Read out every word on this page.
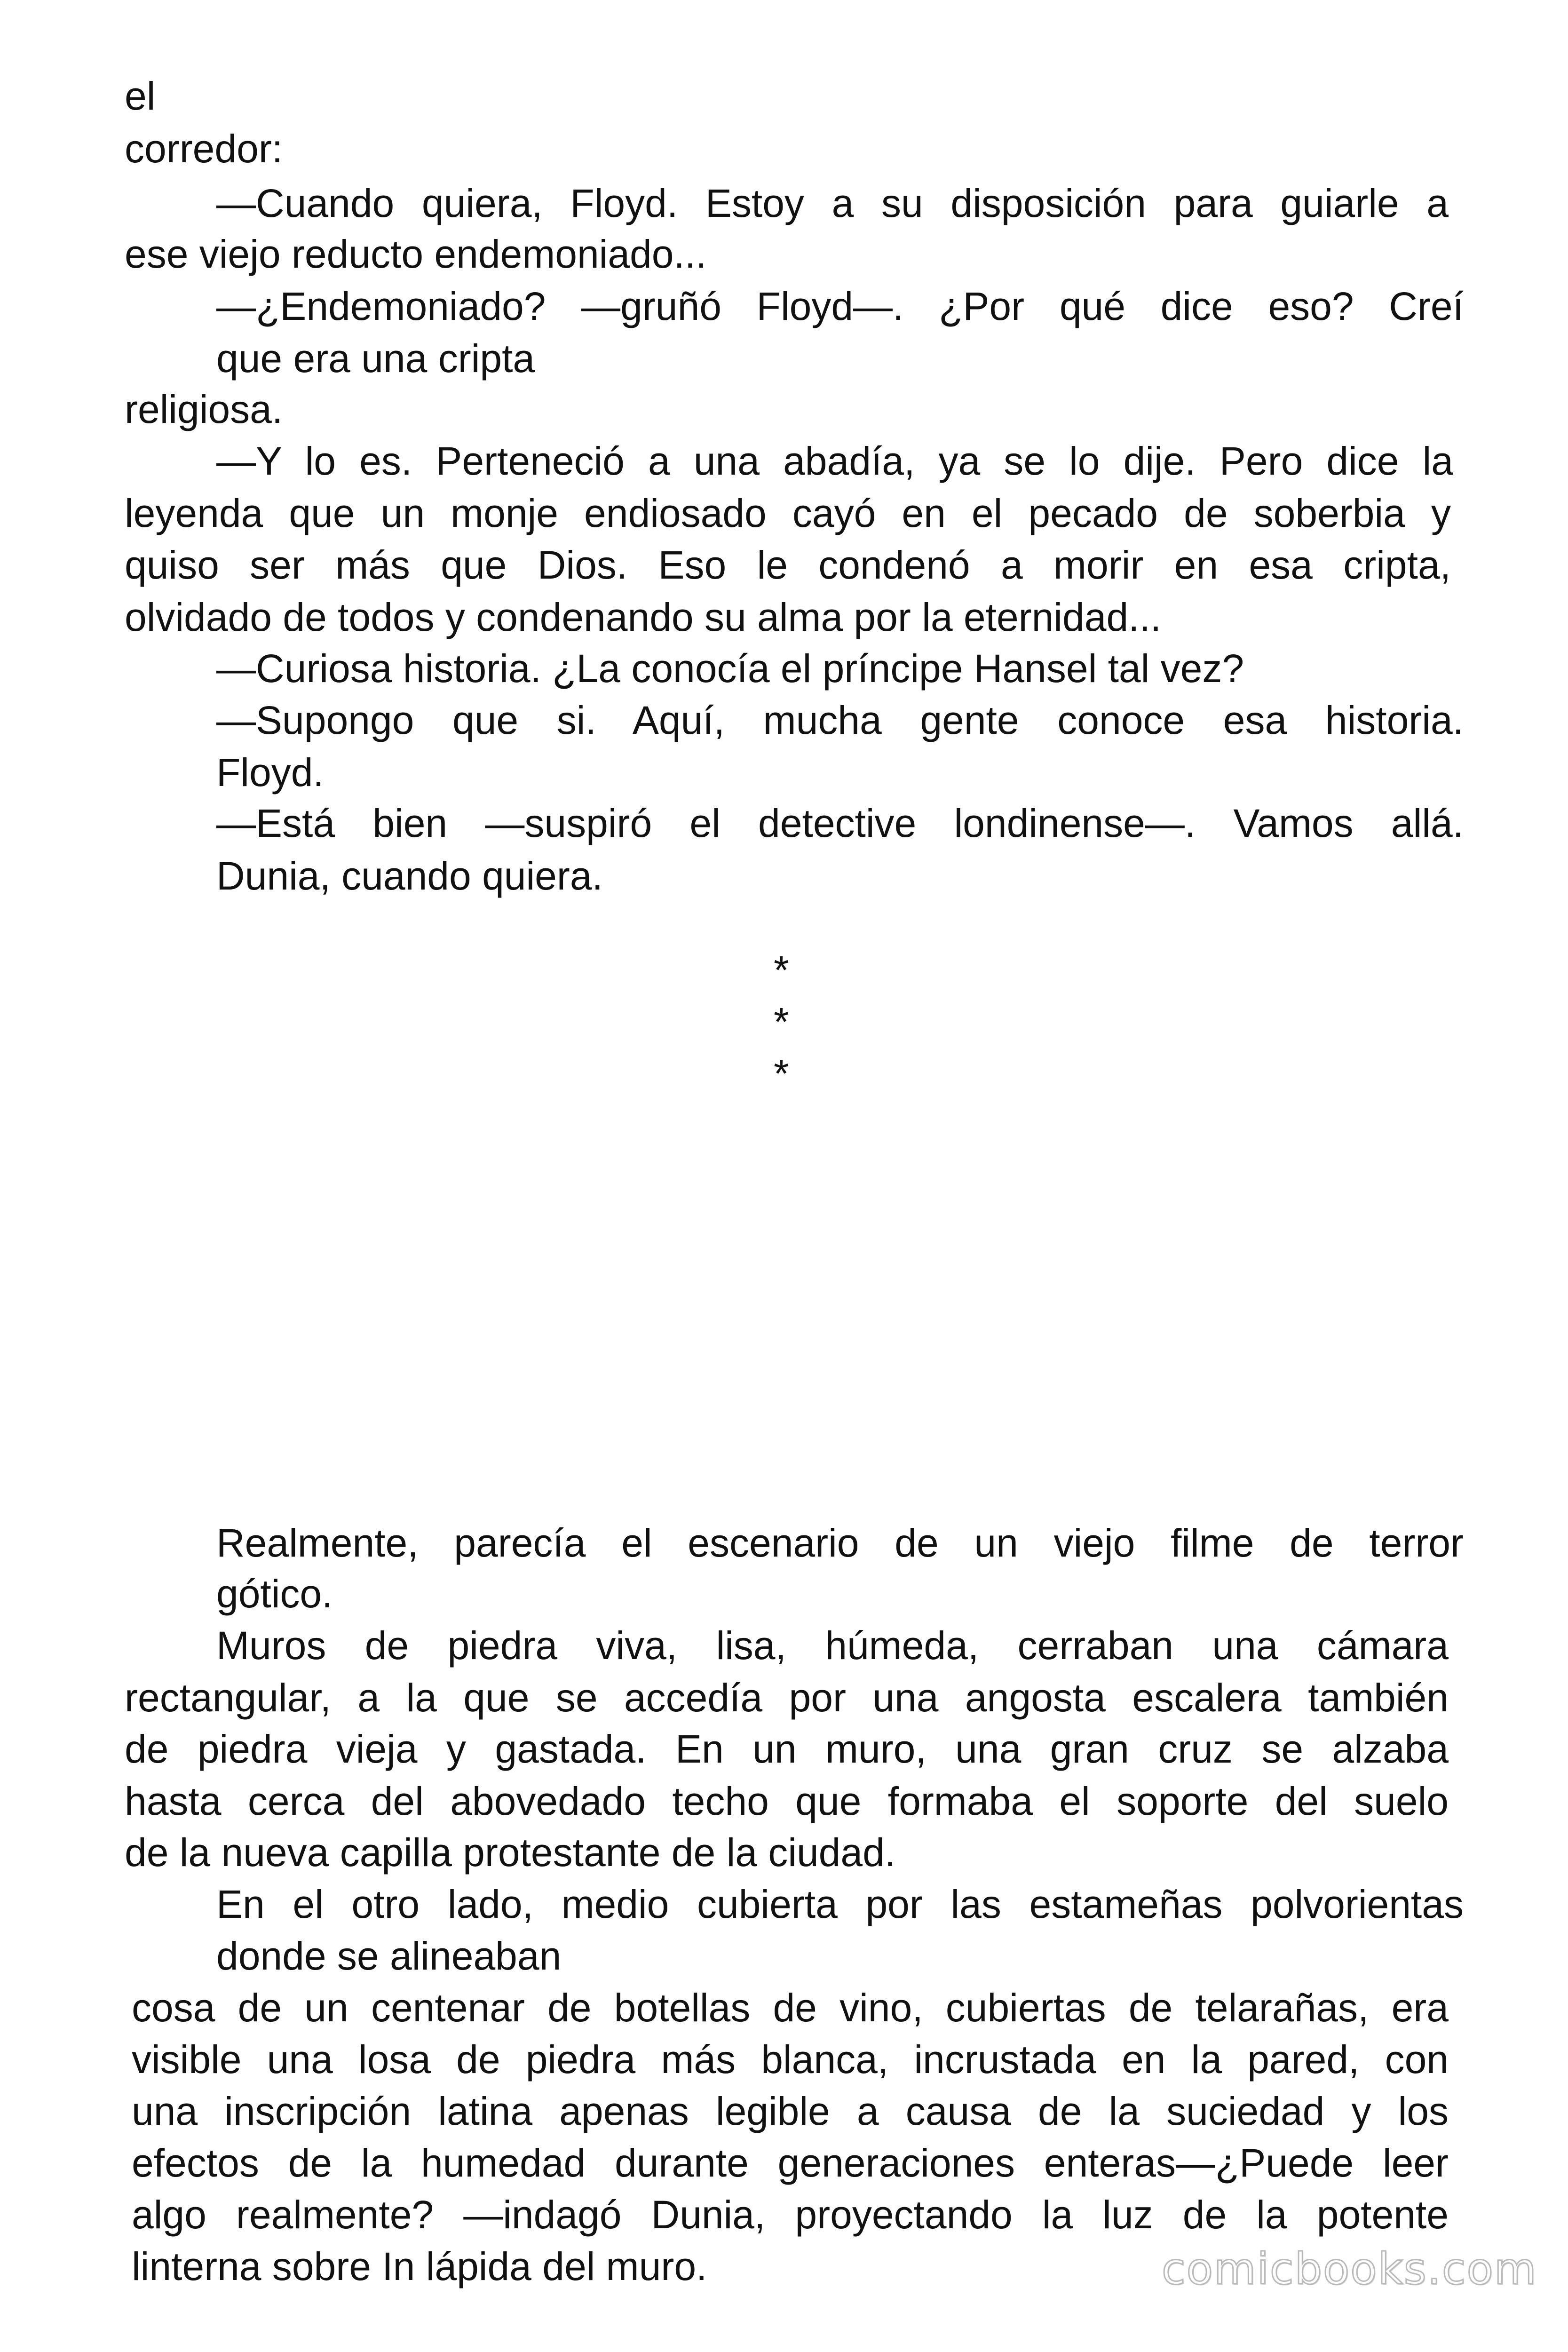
el
corredor:
—Cuando quiera, Floyd. Estoy a su disposición para guiarle a
ese viejo reducto endemoniado...
—¿Endemoniado? —gruñó Floyd—. ¿Por qué dice eso? Creí
que era una cripta
religiosa.
—Y lo es. Perteneció a una abadía, ya se lo dije. Pero dice la
leyenda que un monje endiosado cayó en el pecado de soberbia y
quiso ser más que Dios. Eso le condenó a morir en esa cripta,
olvidado de todos y condenando su alma por la eternidad...
—Curiosa historia. ¿La conocía el príncipe Hansel tal vez?
—Supongo que si. Aquí, mucha gente conoce esa historia.
Floyd.
—Está bien —suspiró el detective londinense—. Vamos allá.
Dunia, cuando quiera.
*
*
*
Realmente, parecía el escenario de un viejo filme de terror
gótico.
Muros de piedra viva, lisa, húmeda, cerraban una cámara
rectangular, a la que se accedía por una angosta escalera también
de piedra vieja y gastada. En un muro, una gran cruz se alzaba
hasta cerca del abovedado techo que formaba el soporte del suelo
de la nueva capilla protestante de la ciudad.
En el otro lado, medio cubierta por las estameñas polvorientas
donde se alineaban
cosa de un centenar de botellas de vino, cubiertas de telarañas, era
visible una losa de piedra más blanca, incrustada en la pared, con
una inscripción latina apenas legible a causa de la suciedad y los
efectos de la humedad durante generaciones enteras—¿Puede leer
algo realmente? —indagó Dunia, proyectando la luz de la potente
linterna sobre In lápida del muro.	comicbooks.com
